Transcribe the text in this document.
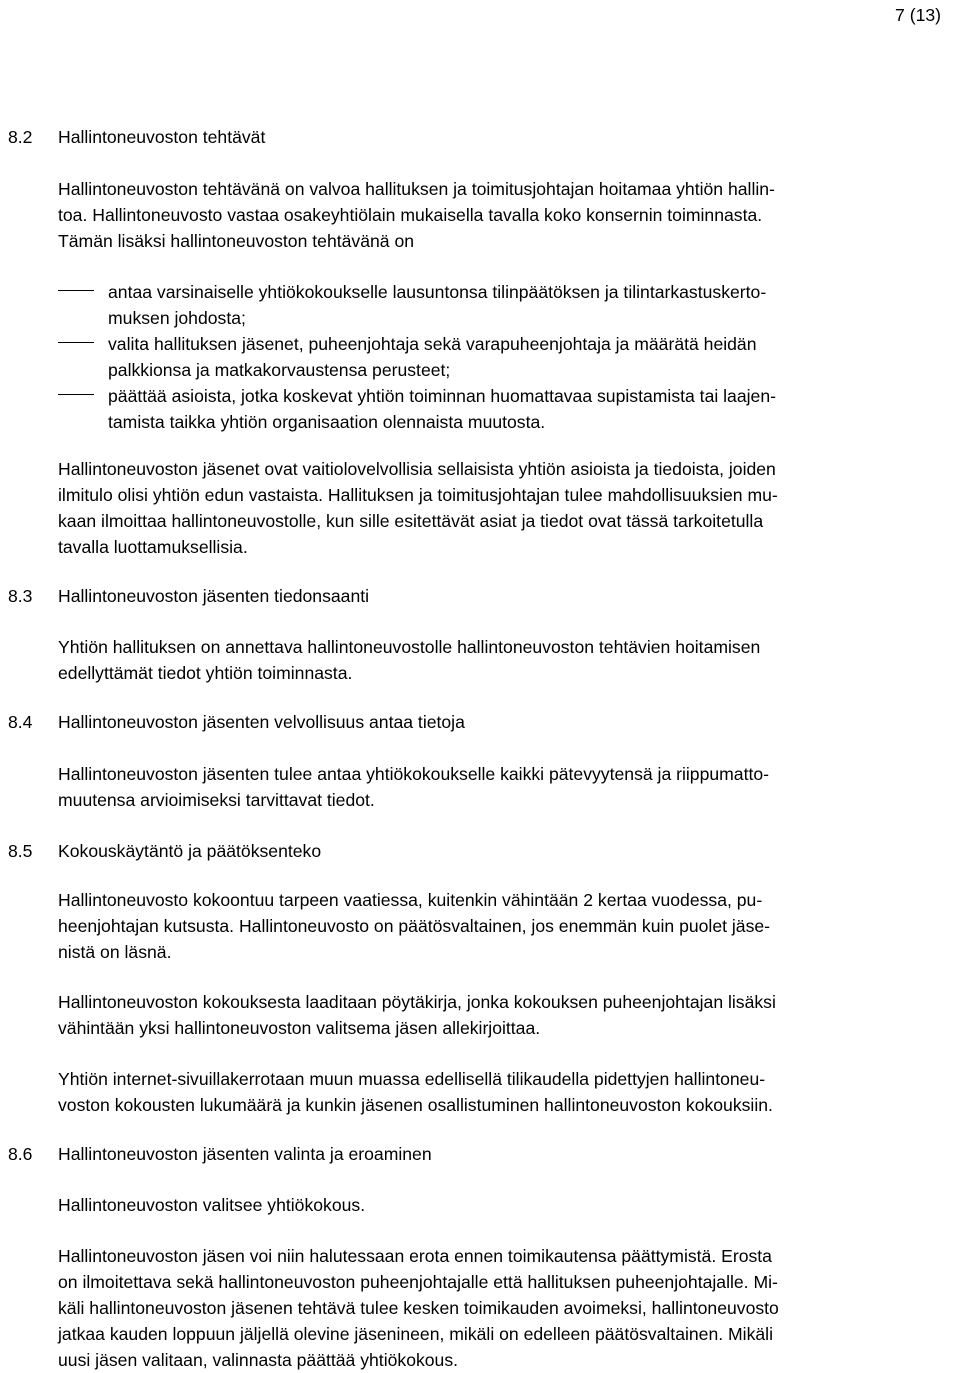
7 (13)
8.2 Hallintoneuvoston tehtävät
Hallintoneuvoston tehtävänä on valvoa hallituksen ja toimitusjohtajan hoitamaa yhtiön hallin-
toa. Hallintoneuvosto vastaa osakeyhtiölain mukaisella tavalla koko konsernin toiminnasta.
Tämän lisäksi hallintoneuvoston tehtävänä on
antaa varsinaiselle yhtiökokoukselle lausuntonsa tilinpäätöksen ja tilintarkastuskerto-
muksen johdosta;
valita hallituksen jäsenet, puheenjohtaja sekä varapuheenjohtaja ja määrätä heidän
palkkionsa ja matkakorvaustensa perusteet;
päättää asioista, jotka koskevat yhtiön toiminnan huomattavaa supistamista tai laajen-
tamista taikka yhtiön organisaation olennaista muutosta.
Hallintoneuvoston jäsenet ovat vaitiolovelvollisia sellaisista yhtiön asioista ja tiedoista, joiden
ilmitulo olisi yhtiön edun vastaista. Hallituksen ja toimitusjohtajan tulee mahdollisuuksien mu-
kaan ilmoittaa hallintoneuvostolle, kun sille esitettävät asiat ja tiedot ovat tässä tarkoitetulla
tavalla luottamuksellisia.
8.3 Hallintoneuvoston jäsenten tiedonsaanti
Yhtiön hallituksen on annettava hallintoneuvostolle hallintoneuvoston tehtävien hoitamisen
edellyttämät tiedot yhtiön toiminnasta.
8.4 Hallintoneuvoston jäsenten velvollisuus antaa tietoja
Hallintoneuvoston jäsenten tulee antaa yhtiökokoukselle kaikki pätevyytensä ja riippumatto-
muutensa arvioimiseksi tarvittavat tiedot.
8.5 Kokouskäytäntö ja päätöksenteko
Hallintoneuvosto kokoontuu tarpeen vaatiessa, kuitenkin vähintään 2 kertaa vuodessa, pu-
heenjohtajan kutsusta. Hallintoneuvosto on päätösvaltainen, jos enemmän kuin puolet jäse-
nistä on läsnä.
Hallintoneuvoston kokouksesta laaditaan pöytäkirja, jonka kokouksen puheenjohtajan lisäksi
vähintään yksi hallintoneuvoston valitsema jäsen allekirjoittaa.
Yhtiön internet-sivuillakerrotaan muun muassa edellisellä tilikaudella pidettyjen hallintoneu-
voston kokousten lukumäärä ja kunkin jäsenen osallistuminen hallintoneuvoston kokouksiin.
8.6 Hallintoneuvoston jäsenten valinta ja eroaminen
Hallintoneuvoston valitsee yhtiökokous.
Hallintoneuvoston jäsen voi niin halutessaan erota ennen toimikautensa päättymistä. Erosta
on ilmoitettava sekä hallintoneuvoston puheenjohtajalle että hallituksen puheenjohtajalle. Mi-
käli hallintoneuvoston jäsenen tehtävä tulee kesken toimikauden avoimeksi, hallintoneuvosto
jatkaa kauden loppuun jäljellä olevine jäsenineen, mikäli on edelleen päätösvaltainen. Mikäli
uusi jäsen valitaan, valinnasta päättää yhtiökokous.
